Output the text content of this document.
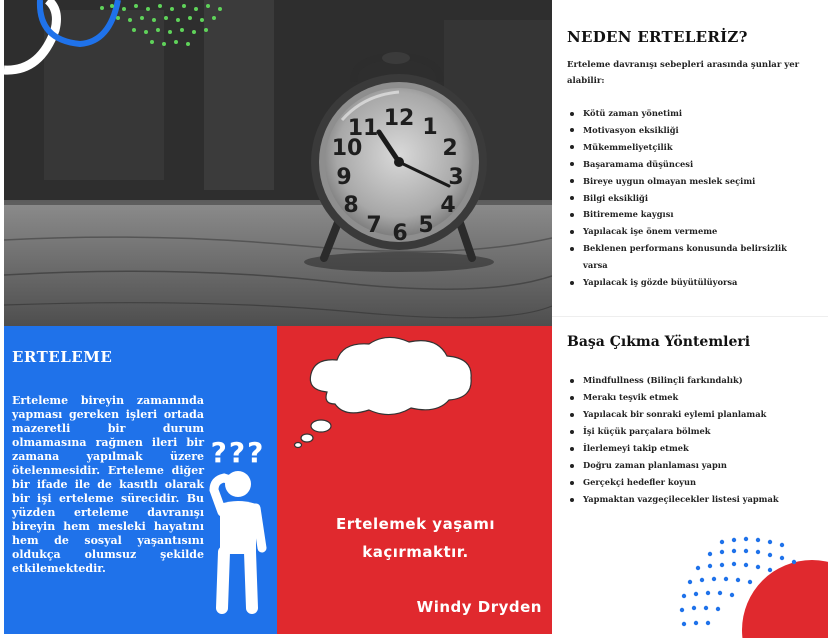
11 12 1
2
3
4
5
6
7
8
9
10
NEDEN ERTELERİZ?
Erteleme davranışı sebepleri arasında şunlar yer alabilir:
Kötü zaman yönetimi
Motivasyon eksikliği
Mükemmeliyetçilik
Başaramama düşüncesi
Bireye uygun olmayan meslek seçimi
Bilgi eksikliği
Bitirememe kaygısı
Yapılacak işe önem vermeme
Beklenen performans konusunda belirsizlik varsa
Yapılacak iş gözde büyütülüyorsa
Başa Çıkma Yöntemleri
Mindfullness (Bilinçli farkındalık)
Merakı teşvik etmek
Yapılacak bir sonraki eylemi planlamak
İşi küçük parçalara bölmek
İlerlemeyi takip etmek
Doğru zaman planlaması yapın
Gerçekçi hedefler koyun
Yapmaktan vazgeçilecekler listesi yapmak
ERTELEME

Erteleme bireyin zamanında yapması gereken işleri ortada mazeretli bir durum olmamasına rağmen ileri bir zamana yapılmak üzere ötelenmesidir. Erteleme diğer bir ifade ile de kasıtlı olarak bir işi erteleme sürecidir. Bu yüzden erteleme davranışı bireyin hem mesleki hayatını hem de sosyal yaşantısını oldukça olumsuz şekilde etkilemektedir.

???
Ertelemek yaşamı
kaçırmaktır.
Windy Dryden
